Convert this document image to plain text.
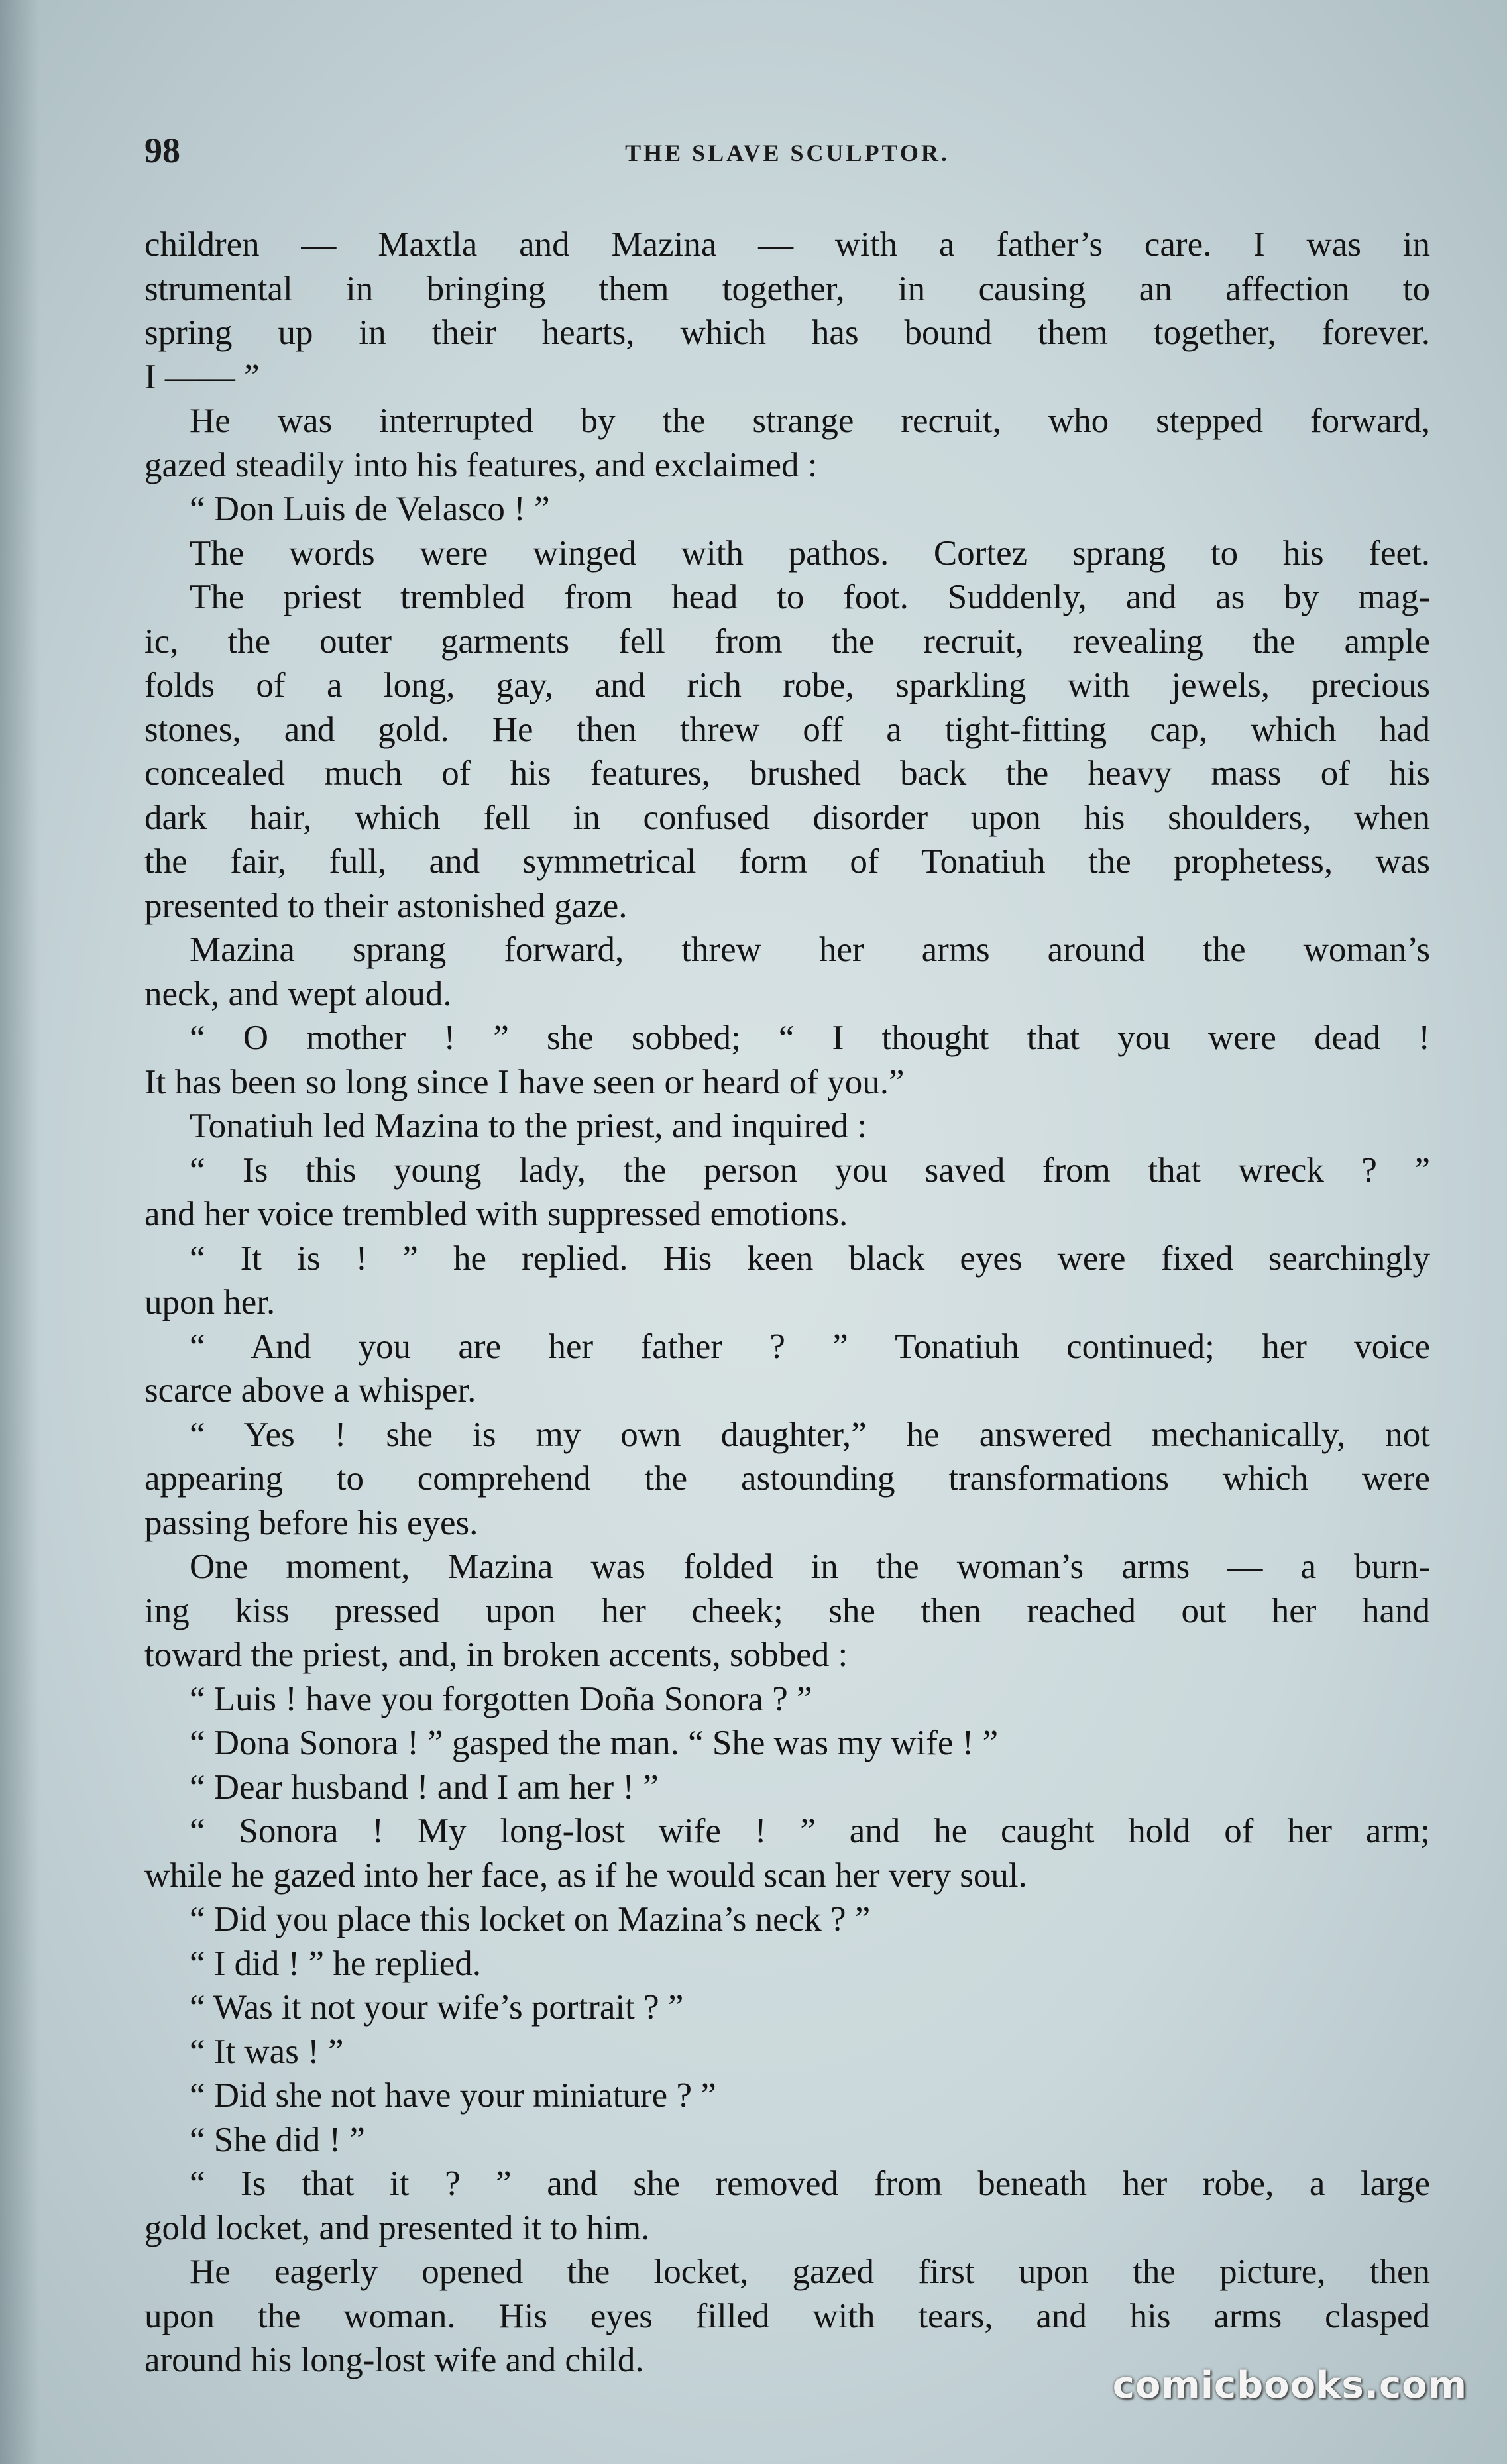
98	THE SLAVE SCULPTOR.
children — Maxtla and Mazina — with a father’s care. I was in
strumental in bringing them together, in causing an affection to
spring up in their hearts, which has bound them together, forever.
I —— ”
He was interrupted by the strange recruit, who stepped forward,
gazed steadily into his features, and exclaimed :
“ Don Luis de Velasco ! ”
The words were winged with pathos. Cortez sprang to his feet.
The priest trembled from head to foot. Suddenly, and as by mag-
ic, the outer garments fell from the recruit, revealing the ample
folds of a long, gay, and rich robe, sparkling with jewels, precious
stones, and gold. He then threw off a tight-fitting cap, which had
concealed much of his features, brushed back the heavy mass of his
dark hair, which fell in confused disorder upon his shoulders, when
the fair, full, and symmetrical form of Tonatiuh the prophetess, was
presented to their astonished gaze.
Mazina sprang forward, threw her arms around the woman’s
neck, and wept aloud.
“ O mother ! ” she sobbed; “ I thought that you were dead !
It has been so long since I have seen or heard of you.”
Tonatiuh led Mazina to the priest, and inquired :
“ Is this young lady, the person you saved from that wreck ? ”
and her voice trembled with suppressed emotions.
“ It is ! ” he replied. His keen black eyes were fixed searchingly
upon her.
“ And you are her father ? ” Tonatiuh continued; her voice
scarce above a whisper.
“ Yes ! she is my own daughter,” he answered mechanically, not
appearing to comprehend the astounding transformations which were
passing before his eyes.
One moment, Mazina was folded in the woman’s arms — a burn-
ing kiss pressed upon her cheek; she then reached out her hand
toward the priest, and, in broken accents, sobbed :
“ Luis ! have you forgotten Doña Sonora ? ”
“ Dona Sonora ! ” gasped the man. “ She was my wife ! ”
“ Dear husband ! and I am her ! ”
“ Sonora ! My long-lost wife ! ” and he caught hold of her arm;
while he gazed into her face, as if he would scan her very soul.
“ Did you place this locket on Mazina’s neck ? ”
“ I did ! ” he replied.
“ Was it not your wife’s portrait ? ”
“ It was ! ”
“ Did she not have your miniature ? ”
“ She did ! ”
“ Is that it ? ” and she removed from beneath her robe, a large
gold locket, and presented it to him.
He eagerly opened the locket, gazed first upon the picture, then
upon the woman. His eyes filled with tears, and his arms clasped
around his long-lost wife and child.
comicbooks.com
